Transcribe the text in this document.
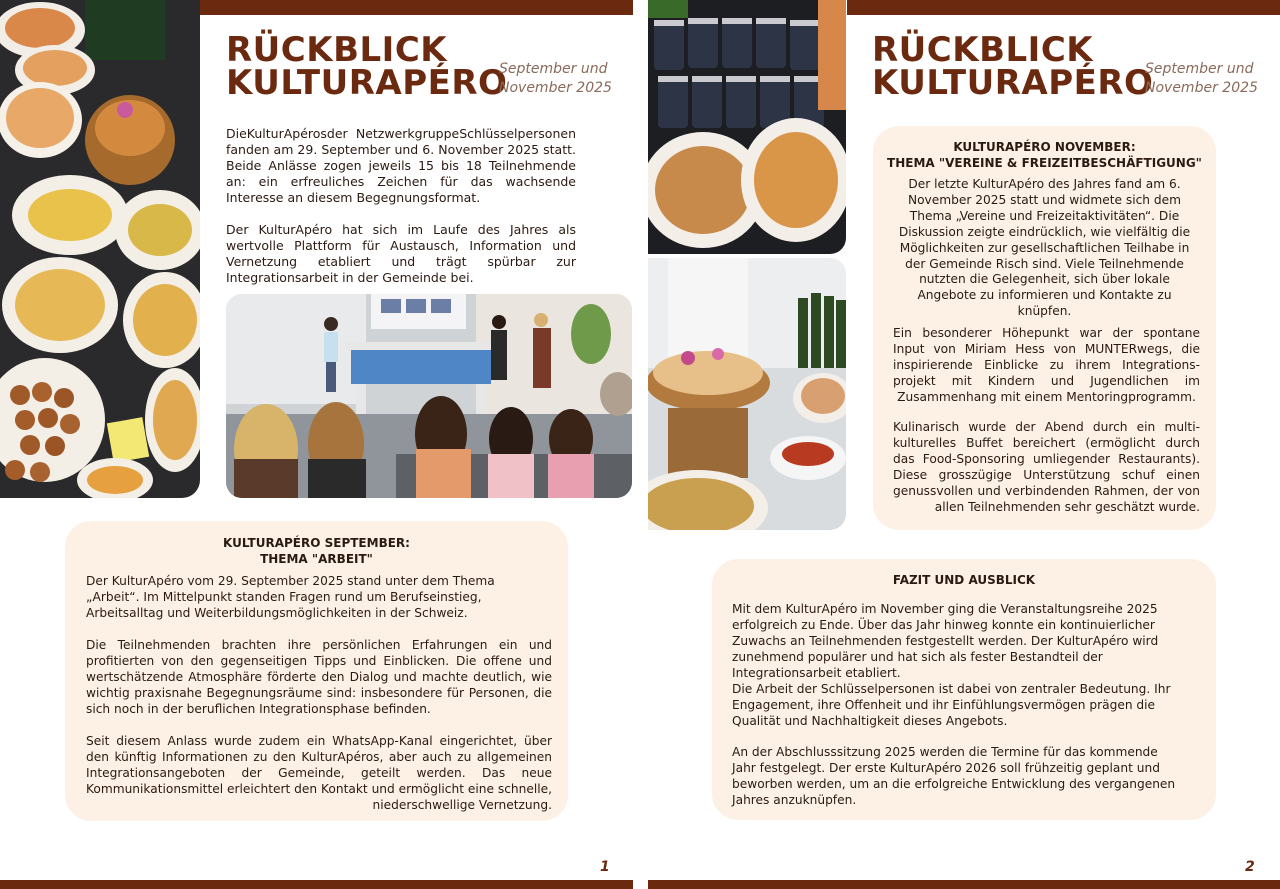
RÜCKBLICK
KULTURAPÉRO
September und
November 2025

DieKulturApérosder NetzwerkgruppeSchlüsselpersonen fanden am 29. September und 6. November 2025 statt. Beide Anlässe zogen jeweils 15 bis 18 Teilnehmende an: ein erfreuliches Zeichen für das wachsende Interesse an diesem Begegnungsformat.

Der KulturApéro hat sich im Laufe des Jahres als wertvolle Plattform für Austausch, Information und Vernetzung etabliert und trägt spürbar zur Integrationsarbeit in der Gemeinde bei.

KULTURAPÉRO SEPTEMBER:
THEMA "ARBEIT"

Der KulturApéro vom 29. September 2025 stand unter dem Thema „Arbeit“. Im Mittelpunkt standen Fragen rund um Berufseinstieg, Arbeitsalltag und Weiterbildungsmöglichkeiten in der Schweiz.

Die Teilnehmenden brachten ihre persönlichen Erfahrungen ein und profitierten von den gegenseitigen Tipps und Einblicken. Die offene und wertschätzende Atmosphäre förderte den Dialog und machte deutlich, wie wichtig praxisnahe Begegnungsräume sind: insbesondere für Personen, die sich noch in der beruflichen Integrationsphase befinden.

Seit diesem Anlass wurde zudem ein WhatsApp-Kanal eingerichtet, über den künftig Informationen zu den KulturApéros, aber auch zu allgemeinen Integrationsangeboten der Gemeinde, geteilt werden. Das neue Kommunikationsmittel erleichtert den Kontakt und ermöglicht eine schnelle, niederschwellige Vernetzung.

1
RÜCKBLICK
KULTURAPÉRO
September und
November 2025
KULTURAPÉRO NOVEMBER:
THEMA "VEREINE & FREIZEITBESCHÄFTIGUNG"

Der letzte KulturApéro des Jahres fand am 6. November 2025 statt und widmete sich dem Thema „Vereine und Freizeitaktivitäten“. Die Diskussion zeigte eindrücklich, wie vielfältig die Möglichkeiten zur gesellschaftlichen Teilhabe in der Gemeinde Risch sind. Viele Teilnehmende nutzten die Gelegenheit, sich über lokale Angebote zu informieren und Kontakte zu knüpfen.

Ein besonderer Höhepunkt war der spontane Input von Miriam Hess von MUNTERwegs, die inspirierende Einblicke zu ihrem Integrations-projekt mit Kindern und Jugendlichen im Zusammenhang mit einem Mentoringprogramm.

Kulinarisch wurde der Abend durch ein multi-kulturelles Buffet bereichert (ermöglicht durch das Food-Sponsoring umliegender Restaurants). Diese grosszügige Unterstützung schuf einen genussvollen und verbindenden Rahmen, der von allen Teilnehmenden sehr geschätzt wurde.

FAZIT UND AUSBLICK

Mit dem KulturApéro im November ging die Veranstaltungsreihe 2025 erfolgreich zu Ende. Über das Jahr hinweg konnte ein kontinuierlicher Zuwachs an Teilnehmenden festgestellt werden. Der KulturApéro wird zunehmend populärer und hat sich als fester Bestandteil der Integrationsarbeit etabliert.

Die Arbeit der Schlüsselpersonen ist dabei von zentraler Bedeutung. Ihr Engagement, ihre Offenheit und ihr Einfühlungsvermögen prägen die Qualität und Nachhaltigkeit dieses Angebots.

An der Abschlusssitzung 2025 werden die Termine für das kommende Jahr festgelegt. Der erste KulturApéro 2026 soll frühzeitig geplant und beworben werden, um an die erfolgreiche Entwicklung des vergangenen Jahres anzuknüpfen.

2
